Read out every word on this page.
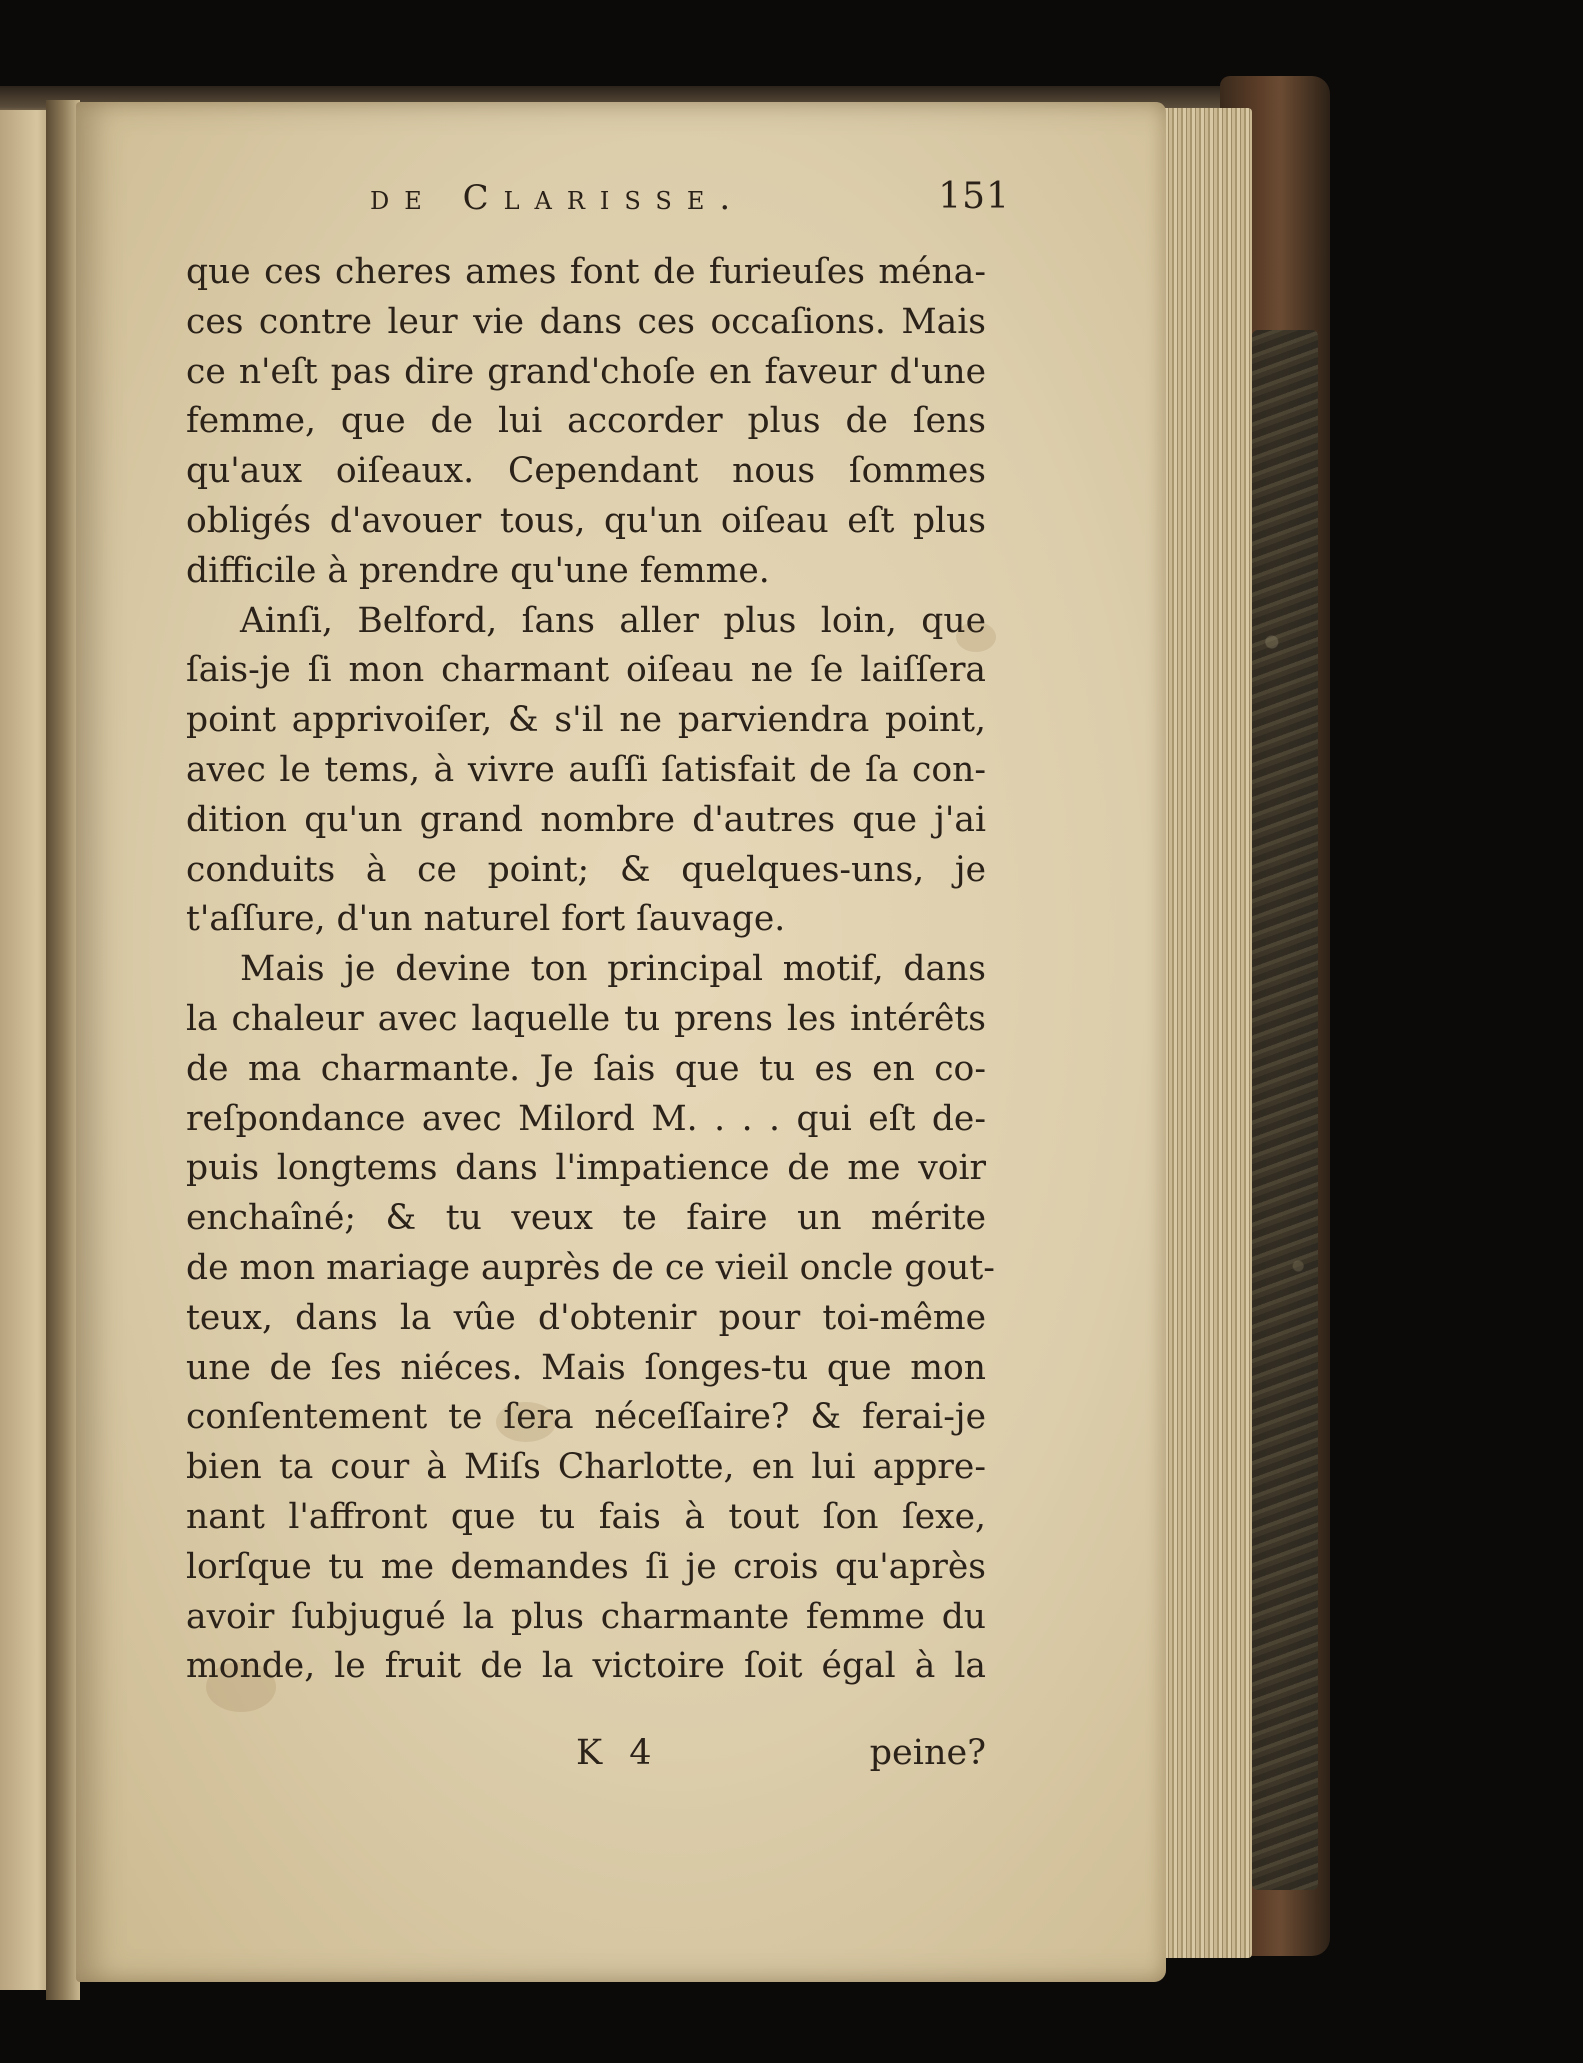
de Clarisse.	151
que ces cheres ames font de furieuſes ména-
ces contre leur vie dans ces occaſions. Mais
ce n'eſt pas dire grand'choſe en faveur d'une
femme, que de lui accorder plus de ſens
qu'aux oiſeaux. Cependant nous ſommes
obligés d'avouer tous, qu'un oiſeau eſt plus
difficile à prendre qu'une femme.
Ainſi, Belford, ſans aller plus loin, que
ſais-je ſi mon charmant oiſeau ne ſe laiſſera
point apprivoiſer, & s'il ne parviendra point,
avec le tems, à vivre auſſi ſatisfait de ſa con-
dition qu'un grand nombre d'autres que j'ai
conduits à ce point; & quelques-uns, je
t'aſſure, d'un naturel fort ſauvage.
Mais je devine ton principal motif, dans
la chaleur avec laquelle tu prens les intérêts
de ma charmante. Je ſais que tu es en co-
reſpondance avec Milord M. . . . qui eſt de-
puis longtems dans l'impatience de me voir
enchaîné; & tu veux te faire un mérite
de mon mariage auprès de ce vieil oncle gout-
teux, dans la vûe d'obtenir pour toi-même
une de ſes niéces. Mais ſonges-tu que mon
conſentement te ſera néceſſaire? & ferai-je
bien ta cour à Miſs Charlotte, en lui appre-
nant l'affront que tu fais à tout ſon ſexe,
lorſque tu me demandes ſi je crois qu'après
avoir ſubjugué la plus charmante femme du
monde, le fruit de la victoire ſoit égal à la
K 4	peine?
